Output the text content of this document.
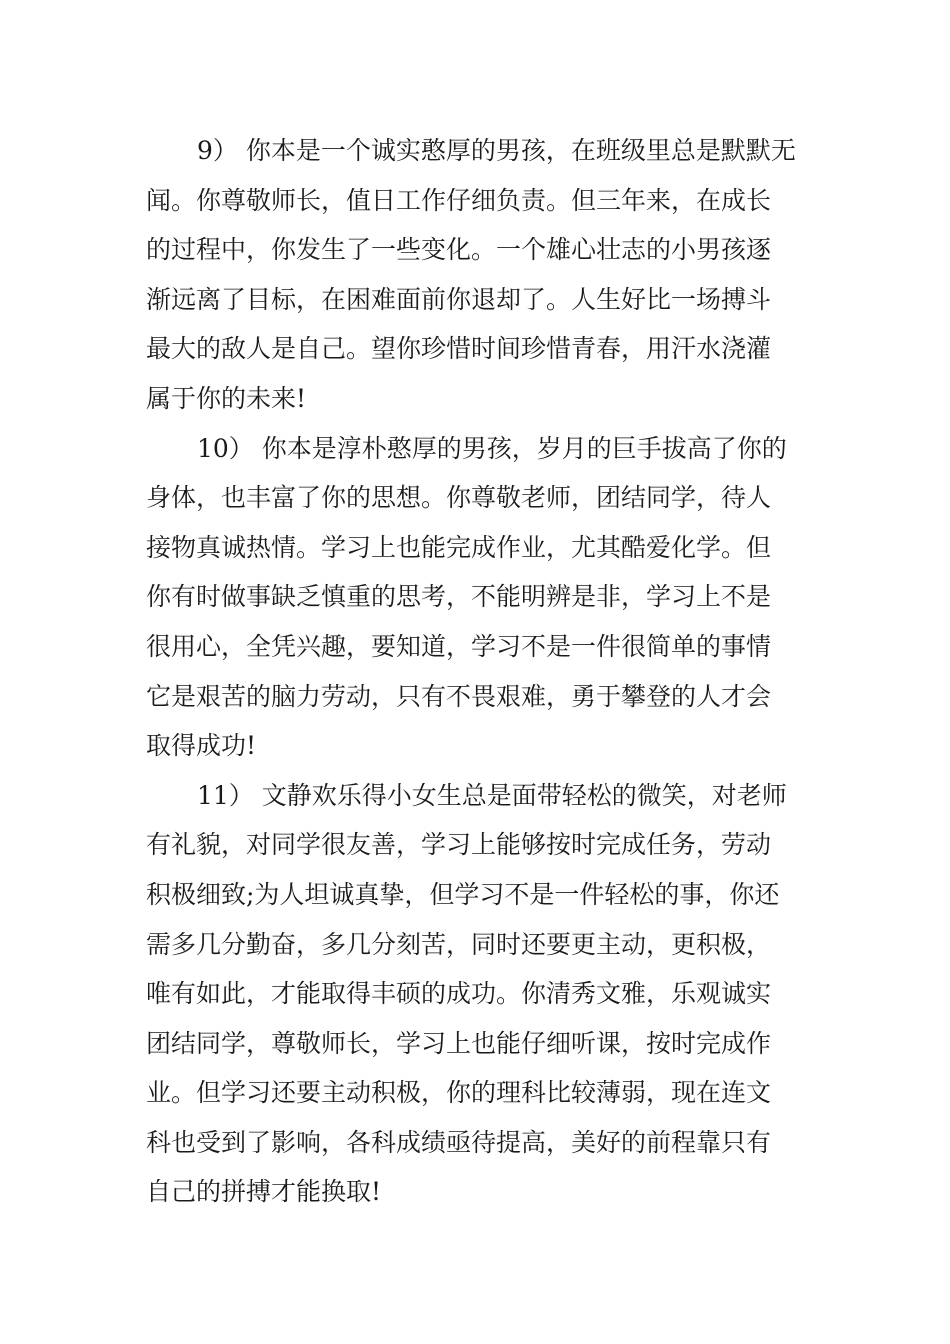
9） 你本是一个诚实憨厚的男孩，在班级里总是默默无
闻。你尊敬师长，值日工作仔细负责。但三年来，在成长
的过程中，你发生了一些变化。一个雄心壮志的小男孩逐
渐远离了目标，在困难面前你退却了。人生好比一场搏斗
最大的敌人是自己。望你珍惜时间珍惜青春，用汗水浇灌
属于你的未来!

10） 你本是淳朴憨厚的男孩，岁月的巨手拔高了你的
身体，也丰富了你的思想。你尊敬老师，团结同学，待人
接物真诚热情。学习上也能完成作业，尤其酷爱化学。但
你有时做事缺乏慎重的思考，不能明辨是非，学习上不是
很用心，全凭兴趣，要知道，学习不是一件很简单的事情
它是艰苦的脑力劳动，只有不畏艰难，勇于攀登的人才会
取得成功!

11） 文静欢乐得小女生总是面带轻松的微笑，对老师
有礼貌，对同学很友善，学习上能够按时完成任务，劳动
积极细致;为人坦诚真挚，但学习不是一件轻松的事，你还
需多几分勤奋，多几分刻苦，同时还要更主动，更积极，
唯有如此，才能取得丰硕的成功。你清秀文雅，乐观诚实
团结同学，尊敬师长，学习上也能仔细听课，按时完成作
业。但学习还要主动积极，你的理科比较薄弱，现在连文
科也受到了影响，各科成绩亟待提高，美好的前程靠只有
自己的拼搏才能换取!
